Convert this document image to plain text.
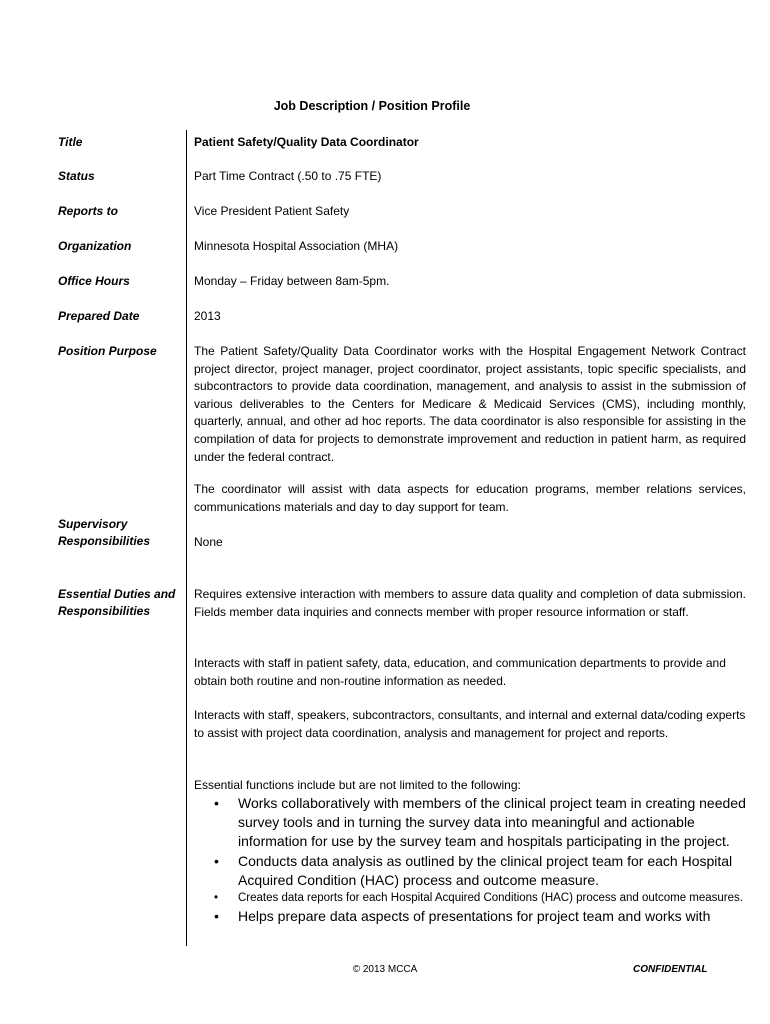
Job Description / Position Profile
Title	Patient Safety/Quality Data Coordinator
Status	Part Time Contract (.50 to .75 FTE)
Reports to	Vice President Patient Safety
Organization	Minnesota Hospital Association (MHA)
Office Hours	Monday – Friday between 8am-5pm.
Prepared Date	2013
Position Purpose	The Patient Safety/Quality Data Coordinator works with the Hospital Engagement Network Contract project director, project manager, project coordinator, project assistants, topic specific specialists, and subcontractors to provide data coordination, management, and analysis to assist in the submission of various deliverables to the Centers for Medicare & Medicaid Services (CMS), including monthly, quarterly, annual, and other ad hoc reports. The data coordinator is also responsible for assisting in the compilation of data for projects to demonstrate improvement and reduction in patient harm, as required under the federal contract.
The coordinator will assist with data aspects for education programs, member relations services, communications materials and day to day support for team.
Supervisory
Responsibilities	None
Essential Duties and
Responsibilities
Requires extensive interaction with members to assure data quality and completion of data submission. Fields member data inquiries and connects member with proper resource information or staff.
Interacts with staff in patient safety, data, education, and communication departments to provide and obtain both routine and non-routine information as needed.
Interacts with staff, speakers, subcontractors, consultants, and internal and external data/coding experts to assist with project data coordination, analysis and management for project and reports.
Essential functions include but are not limited to the following:
• Works collaboratively with members of the clinical project team in creating needed survey tools and in turning the survey data into meaningful and actionable information for use by the survey team and hospitals participating in the project.
• Conducts data analysis as outlined by the clinical project team for each Hospital Acquired Condition (HAC) process and outcome measure.
• Creates data reports for each Hospital Acquired Conditions (HAC) process and outcome measures.
• Helps prepare data aspects of presentations for project team and works with
© 2013 MCCA	CONFIDENTIAL
